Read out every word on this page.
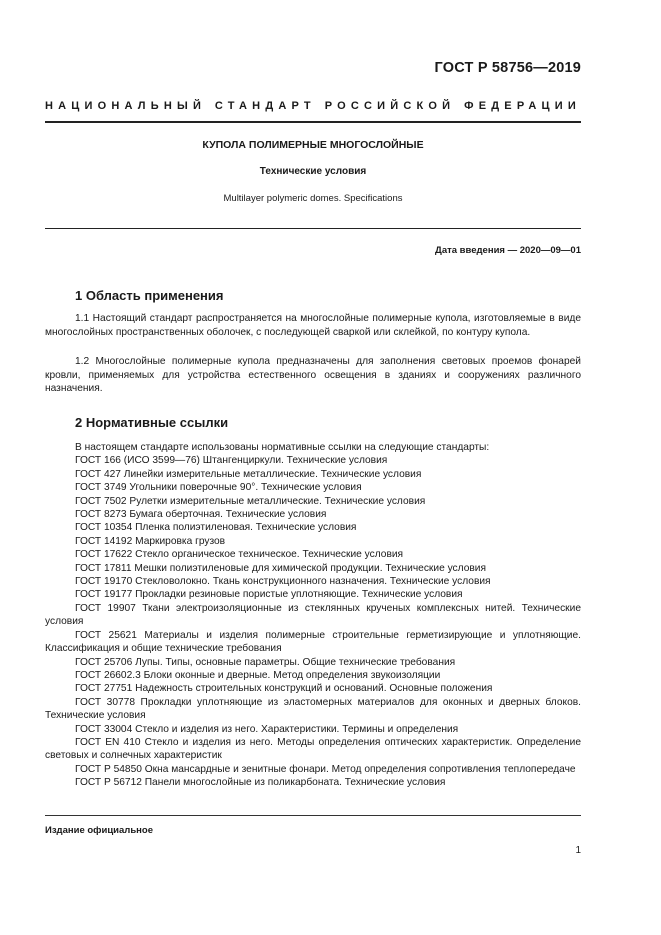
ГОСТ Р 58756—2019
НАЦИОНАЛЬНЫЙ СТАНДАРТ РОССИЙСКОЙ ФЕДЕРАЦИИ
КУПОЛА ПОЛИМЕРНЫЕ МНОГОСЛОЙНЫЕ
Технические условия
Multilayer polymeric domes. Specifications
Дата введения — 2020—09—01
1 Область применения
1.1 Настоящий стандарт распространяется на многослойные полимерные купола, изготовляемые в виде многослойных пространственных оболочек, с последующей сваркой или склейкой, по контуру купола.
1.2 Многослойные полимерные купола предназначены для заполнения световых проемов фонарей кровли, применяемых для устройства естественного освещения в зданиях и сооружениях различного назначения.
2 Нормативные ссылки
В настоящем стандарте использованы нормативные ссылки на следующие стандарты:
ГОСТ 166 (ИСО 3599—76) Штангенциркули. Технические условия
ГОСТ 427 Линейки измерительные металлические. Технические условия
ГОСТ 3749 Угольники поверочные 90°. Технические условия
ГОСТ 7502 Рулетки измерительные металлические. Технические условия
ГОСТ 8273 Бумага оберточная. Технические условия
ГОСТ 10354 Пленка полиэтиленовая. Технические условия
ГОСТ 14192 Маркировка грузов
ГОСТ 17622 Стекло органическое техническое. Технические условия
ГОСТ 17811 Мешки полиэтиленовые для химической продукции. Технические условия
ГОСТ 19170 Стекловолокно. Ткань конструкционного назначения. Технические условия
ГОСТ 19177 Прокладки резиновые пористые уплотняющие. Технические условия
ГОСТ 19907 Ткани электроизоляционные из стеклянных крученых комплексных нитей. Технические условия
ГОСТ 25621 Материалы и изделия полимерные строительные герметизирующие и уплотняющие. Классификация и общие технические требования
ГОСТ 25706 Лупы. Типы, основные параметры. Общие технические требования
ГОСТ 26602.3 Блоки оконные и дверные. Метод определения звукоизоляции
ГОСТ 27751 Надежность строительных конструкций и оснований. Основные положения
ГОСТ 30778 Прокладки уплотняющие из эластомерных материалов для оконных и дверных блоков. Технические условия
ГОСТ 33004 Стекло и изделия из него. Характеристики. Термины и определения
ГОСТ EN 410 Стекло и изделия из него. Методы определения оптических характеристик. Определение световых и солнечных характеристик
ГОСТ Р 54850 Окна мансардные и зенитные фонари. Метод определения сопротивления теплопередаче
ГОСТ Р 56712 Панели многослойные из поликарбоната. Технические условия
Издание официальное
1
